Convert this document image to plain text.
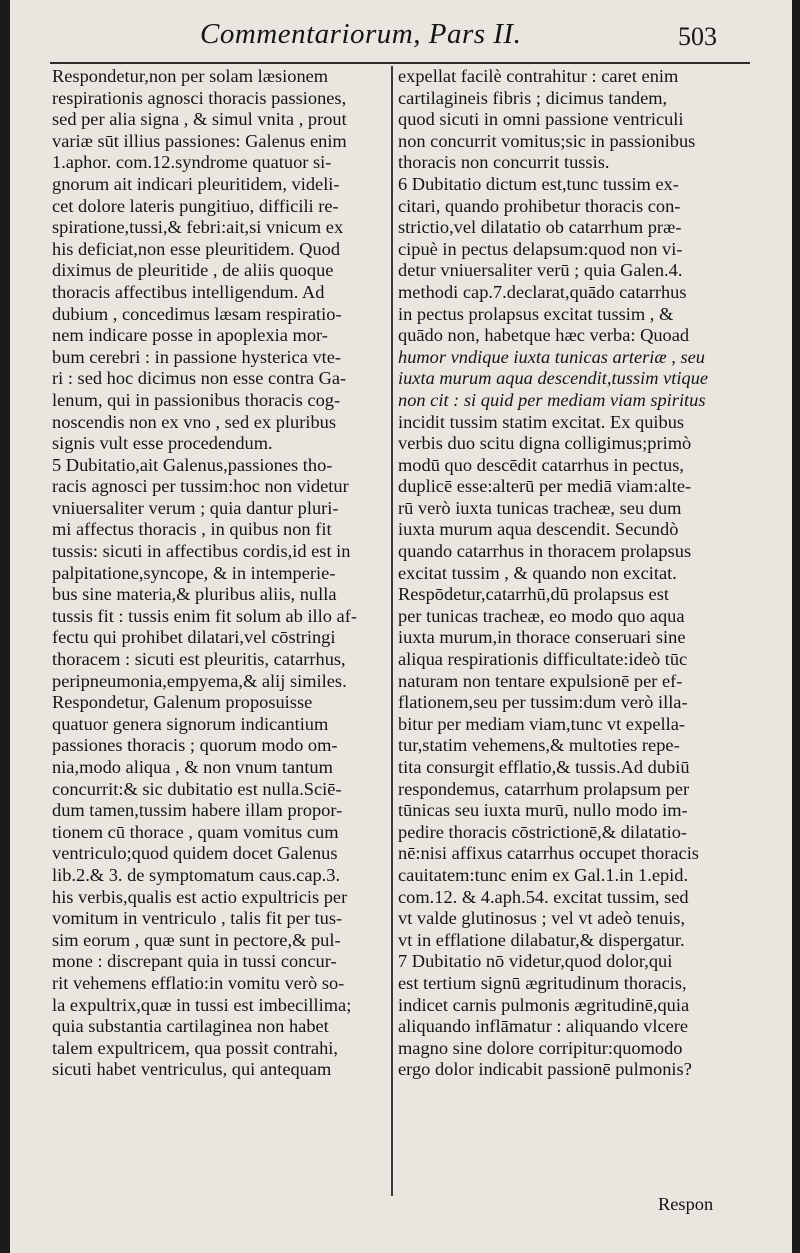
Commentariorum, Pars II.	503
Respondetur,non per solam læsionem
respirationis agnosci thoracis passiones,
sed per alia signa , & simul vnita , prout
variæ sūt illius passiones: Galenus enim
1.aphor. com.12.syndrome quatuor si-
gnorum ait indicari pleuritidem, videli-
cet dolore lateris pungitiuo, difficili re-
spiratione,tussi,& febri:ait,si vnicum ex
his deficiat,non esse pleuritidem. Quod
diximus de pleuritide , de aliis quoque
thoracis affectibus intelligendum. Ad
dubium , concedimus læsam respiratio-
nem indicare posse in apoplexia mor-
bum cerebri : in passione hysterica vte-
ri : sed hoc dicimus non esse contra Ga-
lenum, qui in passionibus thoracis cog-
noscendis non ex vno , sed ex pluribus
signis vult esse procedendum.
5 Dubitatio,ait Galenus,passiones tho-
racis agnosci per tussim:hoc non videtur
vniuersaliter verum ; quia dantur pluri-
mi affectus thoracis , in quibus non fit
tussis: sicuti in affectibus cordis,id est in
palpitatione,syncope, & in intemperie-
bus sine materia,& pluribus aliis, nulla
tussis fit : tussis enim fit solum ab illo af-
fectu qui prohibet dilatari,vel cōstringi
thoracem : sicuti est pleuritis, catarrhus,
peripneumonia,empyema,& alij similes.
Respondetur, Galenum proposuisse
quatuor genera signorum indicantium
passiones thoracis ; quorum modo om-
nia,modo aliqua , & non vnum tantum
concurrit:& sic dubitatio est nulla.Sciē-
dum tamen,tussim habere illam propor-
tionem cū thorace , quam vomitus cum
ventriculo;quod quidem docet Galenus
lib.2.& 3. de symptomatum caus.cap.3.
his verbis,qualis est actio expultricis per
vomitum in ventriculo , talis fit per tus-
sim eorum , quæ sunt in pectore,& pul-
mone : discrepant quia in tussi concur-
rit vehemens efflatio:in vomitu verò so-
la expultrix,quæ in tussi est imbecillima;
quia substantia cartilaginea non habet
talem expultricem, qua possit contrahi,
sicuti habet ventriculus, qui antequam
expellat facilè contrahitur : caret enim
cartilagineis fibris ; dicimus tandem,
quod sicuti in omni passione ventriculi
non concurrit vomitus;sic in passionibus
thoracis non concurrit tussis.
6 Dubitatio dictum est,tunc tussim ex-
citari, quando prohibetur thoracis con-
strictio,vel dilatatio ob catarrhum præ-
cipuè in pectus delapsum:quod non vi-
detur vniuersaliter verū ; quia Galen.4.
methodi cap.7.declarat,quādo catarrhus
in pectus prolapsus excitat tussim , &
quādo non, habetque hæc verba: Quoad
humor vndique iuxta tunicas arteriæ , seu
iuxta murum aqua descendit,tussim vtique
non cit : si quid per mediam viam spiritus
incidit tussim statim excitat. Ex quibus
verbis duo scitu digna colligimus;primò
modū quo descēdit catarrhus in pectus,
duplicē esse:alterū per mediā viam:alte-
rū verò iuxta tunicas tracheæ, seu dum
iuxta murum aqua descendit. Secundò
quando catarrhus in thoracem prolapsus
excitat tussim , & quando non excitat.
Respōdetur,catarrhū,dū prolapsus est
per tunicas tracheæ, eo modo quo aqua
iuxta murum,in thorace conseruari sine
aliqua respirationis difficultate:ideò tūc
naturam non tentare expulsionē per ef-
flationem,seu per tussim:dum verò illa-
bitur per mediam viam,tunc vt expella-
tur,statim vehemens,& multoties repe-
tita consurgit efflatio,& tussis.Ad dubiū
respondemus, catarrhum prolapsum per
tūnicas seu iuxta murū, nullo modo im-
pedire thoracis cōstrictionē,& dilatatio-
nē:nisi affixus catarrhus occupet thoracis
cauitatem:tunc enim ex Gal.1.in 1.epid.
com.12. & 4.aph.54. excitat tussim, sed
vt valde glutinosus ; vel vt adeò tenuis,
vt in efflatione dilabatur,& dispergatur.
7 Dubitatio nō videtur,quod dolor,qui
est tertium signū ægritudinum thoracis,
indicet carnis pulmonis ægritudinē,quia
aliquando inflāmatur : aliquando vlcere
magno sine dolore corripitur:quomodo
ergo dolor indicabit passionē pulmonis?
Respon
